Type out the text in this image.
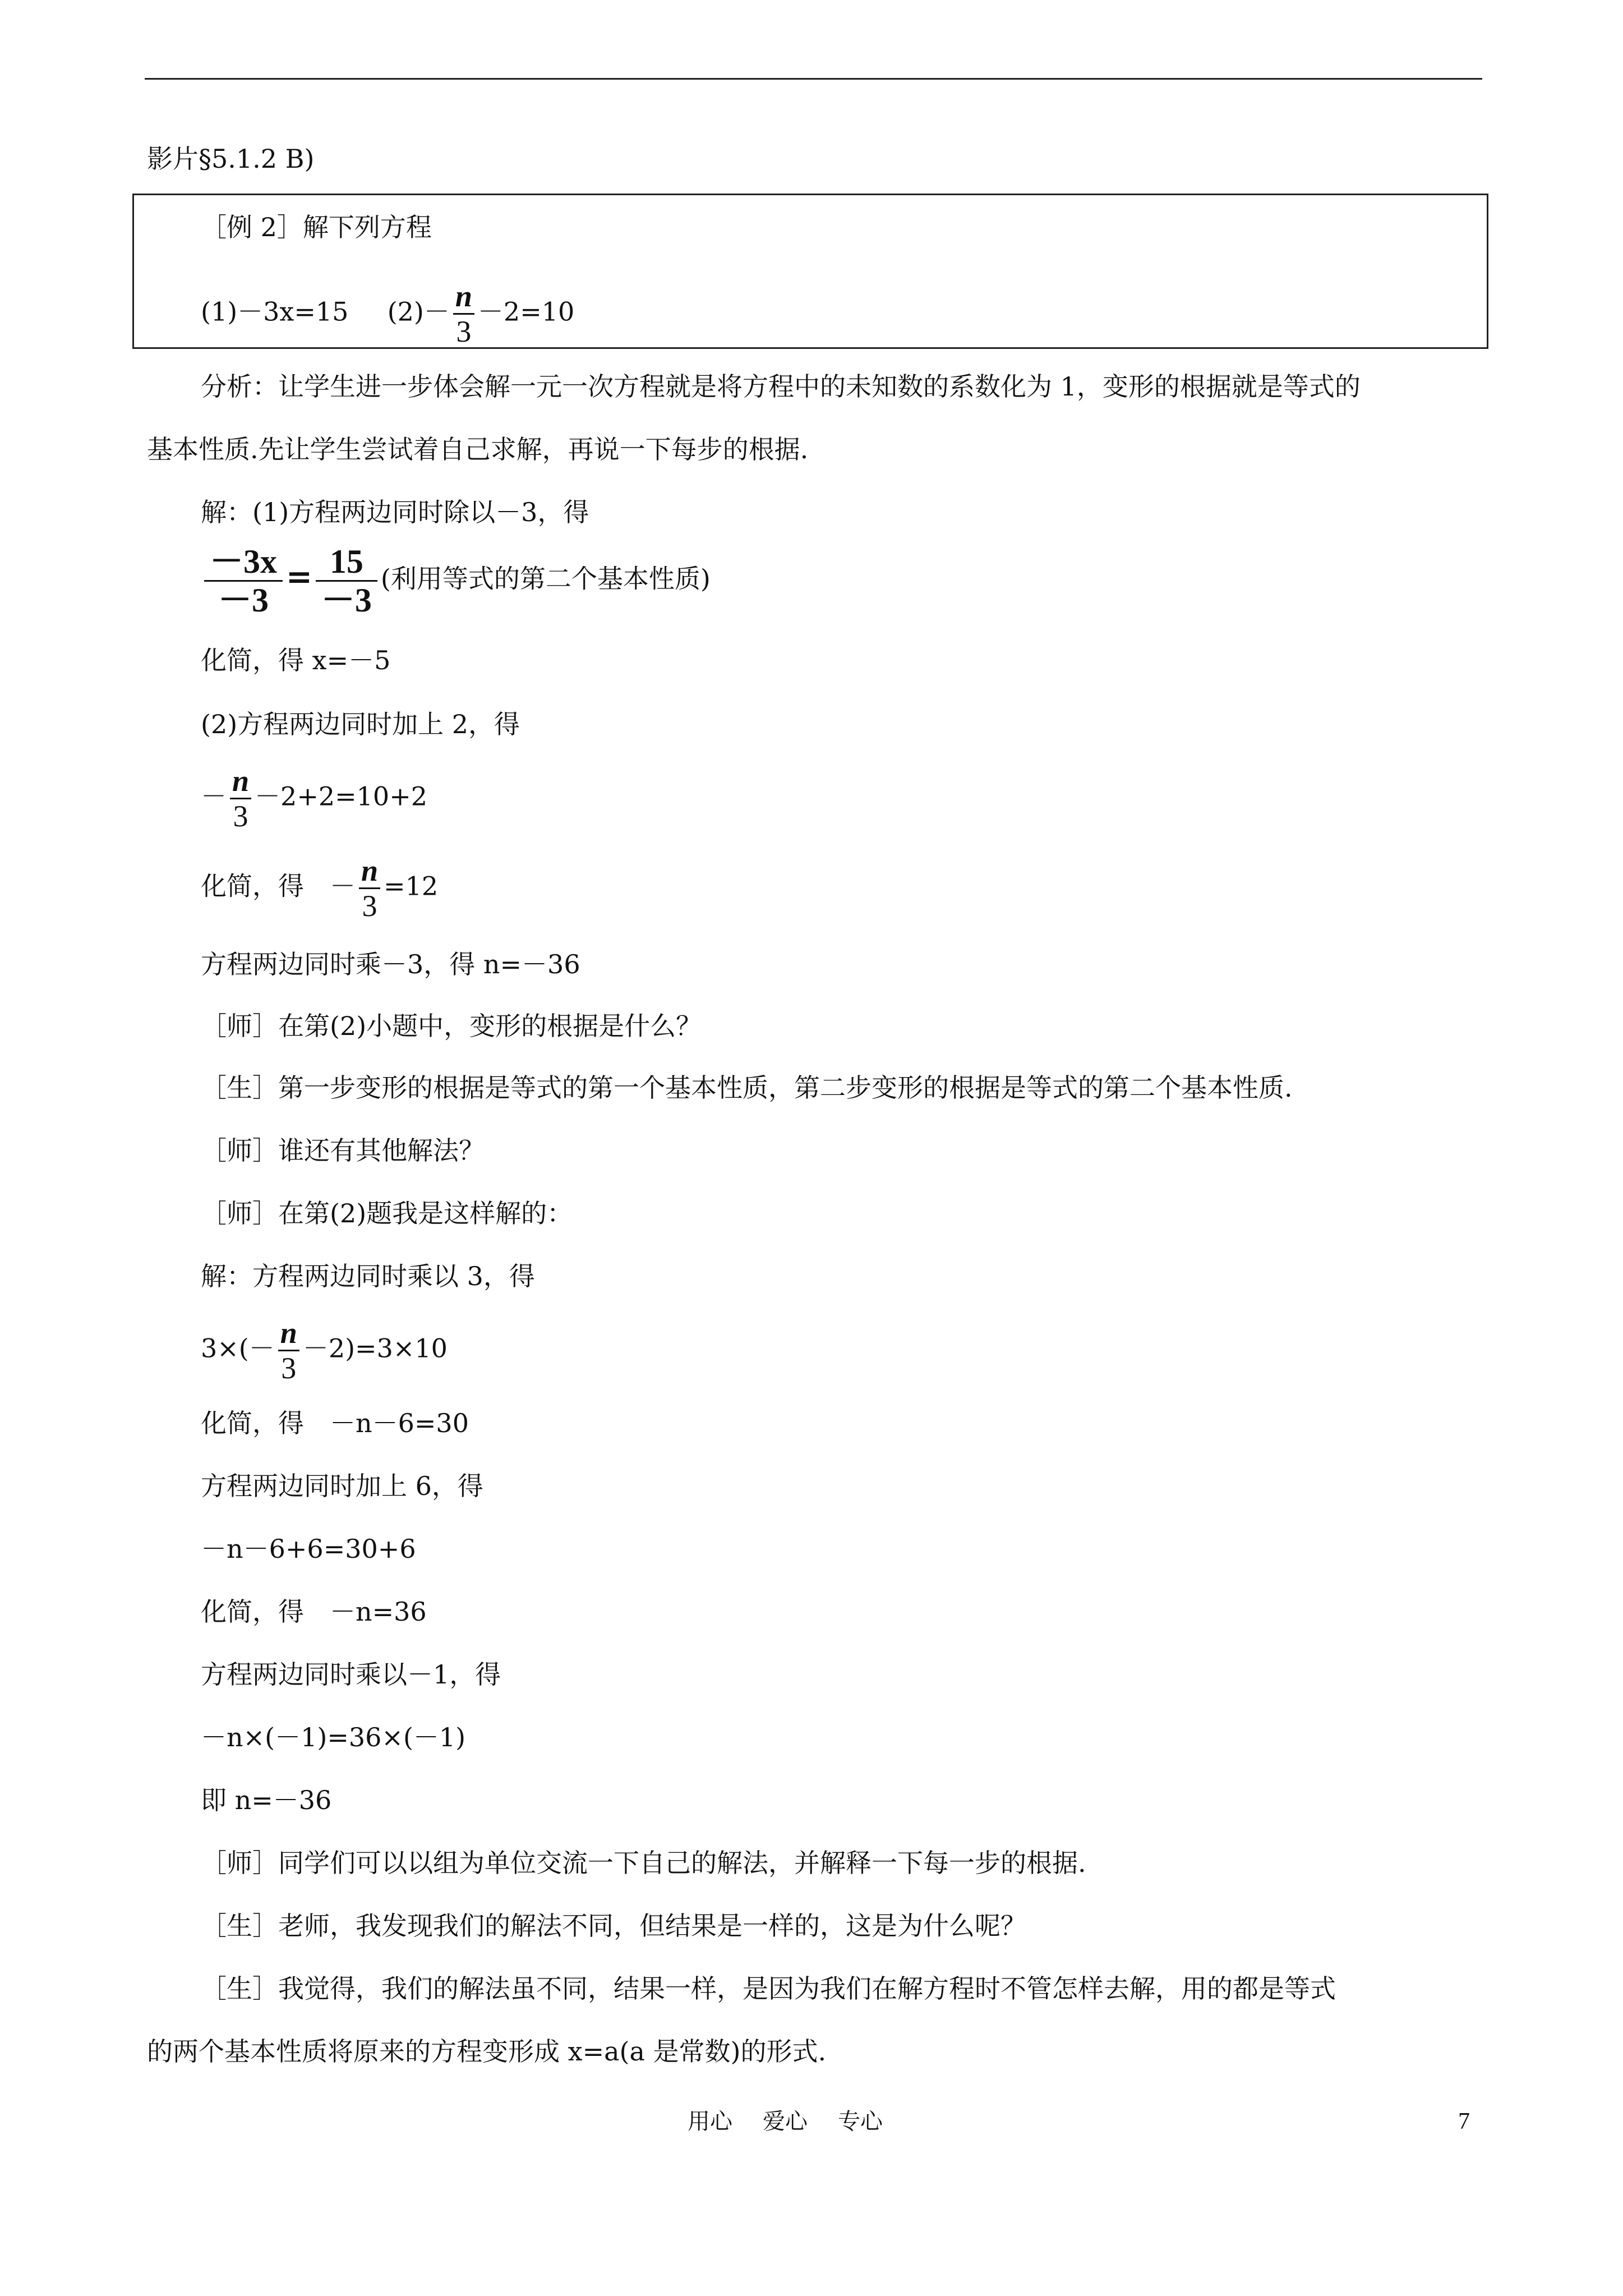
影片§5.1.2 B)
［例 2］解下列方程
(1)－3x=15 $(2)- \frac{n}{3} -2=10$
分析：让学生进一步体会解一元一次方程就是将方程中的未知数的系数化为 1，变形的根据就是等式的
基本性质.先让学生尝试着自己求解，再说一下每步的根据.
解：(1)方程两边同时除以－3，得
$\frac{-3x}{-3} = \frac{15}{-3}$ (利用等式的第二个基本性质)
化简，得 x=－5
(2)方程两边同时加上 2，得
－ $\frac{n}{3} -2+2=10+2$
化简，得　－ $\frac{n}{3} =12$
方程两边同时乘－3，得 n=－36
［师］在第(2)小题中，变形的根据是什么？
［生］第一步变形的根据是等式的第一个基本性质，第二步变形的根据是等式的第二个基本性质.
［师］谁还有其他解法？
［师］在第(2)题我是这样解的：
解：方程两边同时乘以 3，得
$3\times(- \frac{n}{3} -2)=3\times 10$
化简，得　－n－6=30
方程两边同时加上 6，得
－n－6+6=30+6
化简，得　－n=36
方程两边同时乘以－1，得
－n×(－1)=36×(－1)
即 n=－36
［师］同学们可以以组为单位交流一下自己的解法，并解释一下每一步的根据.
［生］老师，我发现我们的解法不同，但结果是一样的，这是为什么呢？
［生］我觉得，我们的解法虽不同，结果一样，是因为我们在解方程时不管怎样去解，用的都是等式
的两个基本性质将原来的方程变形成 x=a(a 是常数)的形式.
用心 爱心 专心	7
